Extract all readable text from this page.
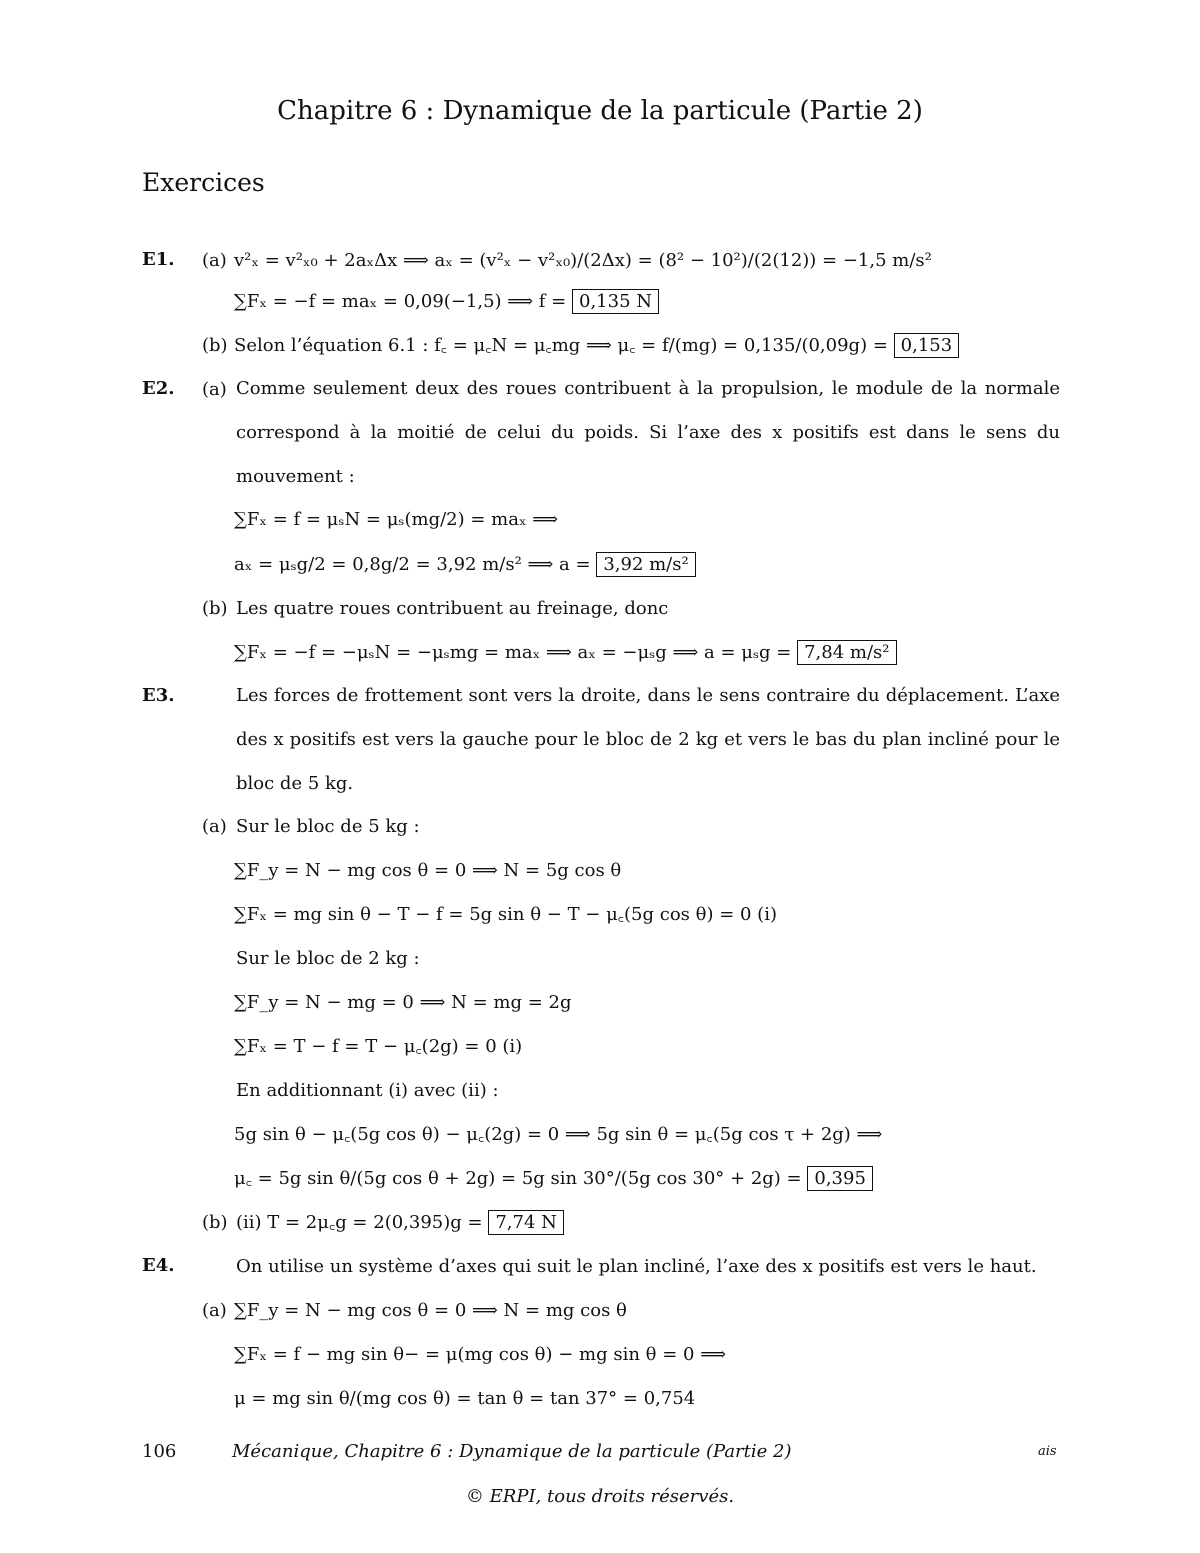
Chapitre 6 : Dynamique de la particule (Partie 2)
Exercices
E1. (a) v²ₓ = v²ₓ₀ + 2aₓΔx ⟹ aₓ = (v²ₓ − v²ₓ₀)/(2Δx) = (8² − 10²)/(2(12)) = −1,5 m/s²
∑Fₓ = −f = maₓ = 0,09(−1,5) ⟹ f = 0,135 N
(b) Selon l’équation 6.1 : f꜀ = μ꜀N = μ꜀mg ⟹ μ꜀ = f/(mg) = 0,135/(0,09g) = 0,153
E2. (a) Comme seulement deux des roues contribuent à la propulsion, le module de la normale correspond à la moitié de celui du poids. Si l’axe des x positifs est dans le sens du mouvement :
∑Fₓ = f = μₛN = μₛ(mg/2) = maₓ ⟹
aₓ = μₛg/2 = 0,8g/2 = 3,92 m/s² ⟹ a = 3,92 m/s²
(b) Les quatre roues contribuent au freinage, donc
∑Fₓ = −f = −μₛN = −μₛmg = maₓ ⟹ aₓ = −μₛg ⟹ a = μₛg = 7,84 m/s²
E3.	Les forces de frottement sont vers la droite, dans le sens contraire du déplacement. L’axe des x positifs est vers la gauche pour le bloc de 2 kg et vers le bas du plan incliné pour le bloc de 5 kg.
(a) Sur le bloc de 5 kg :
∑F_y = N − mg cos θ = 0 ⟹ N = 5g cos θ
∑Fₓ = mg sin θ − T − f = 5g sin θ − T − μ꜀(5g cos θ) = 0 (i)
Sur le bloc de 2 kg :
∑F_y = N − mg = 0 ⟹ N = mg = 2g
∑Fₓ = T − f = T − μ꜀(2g) = 0 (i)
En additionnant (i) avec (ii) :
5g sin θ − μ꜀(5g cos θ) − μ꜀(2g) = 0 ⟹ 5g sin θ = μ꜀(5g cos τ + 2g) ⟹
μ꜀ = 5g sin θ/(5g cos θ + 2g) = 5g sin 30°/(5g cos 30° + 2g) = 0,395
(b) (ii) T = 2μ꜀g = 2(0,395)g = 7,74 N
E4.	On utilise un système d’axes qui suit le plan incliné, l’axe des x positifs est vers le haut.
(a) ∑F_y = N − mg cos θ = 0 ⟹ N = mg cos θ
∑Fₓ = f − mg sin θ− = μ(mg cos θ) − mg sin θ = 0 ⟹
μ = mg sin θ/(mg cos θ) = tan θ = tan 37° = 0,754
106	Mécanique, Chapitre 6 : Dynamique de la particule (Partie 2)	ais
© ERPI, tous droits réservés.
